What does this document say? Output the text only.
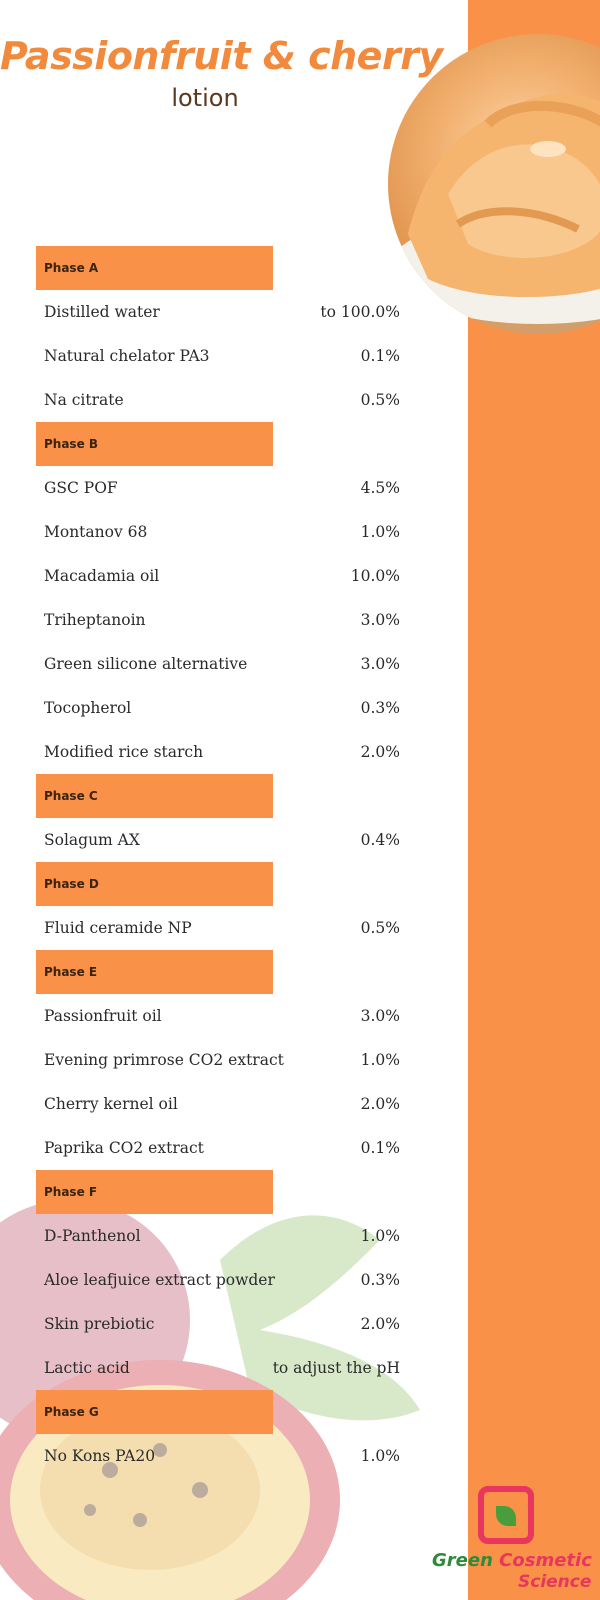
Passionfruit & cherry
lotion
Phase A
Distilled water	to 100.0%
Natural chelator PA3	0.1%
Na citrate	0.5%
Phase B
GSC POF	4.5%
Montanov 68	1.0%
Macadamia oil	10.0%
Triheptanoin	3.0%
Green silicone alternative	3.0%
Tocopherol	0.3%
Modified rice starch	2.0%
Phase C
Solagum AX	0.4%
Phase D
Fluid ceramide NP	0.5%
Phase E
Passionfruit oil	3.0%
Evening primrose CO2 extract	1.0%
Cherry kernel oil	2.0%
Paprika CO2 extract	0.1%
Phase F
D-Panthenol	1.0%
Aloe leafjuice extract powder	0.3%
Skin prebiotic	2.0%
Lactic acid	to adjust the pH
Phase G
No Kons PA20	1.0%
Green Cosmetic
Science
